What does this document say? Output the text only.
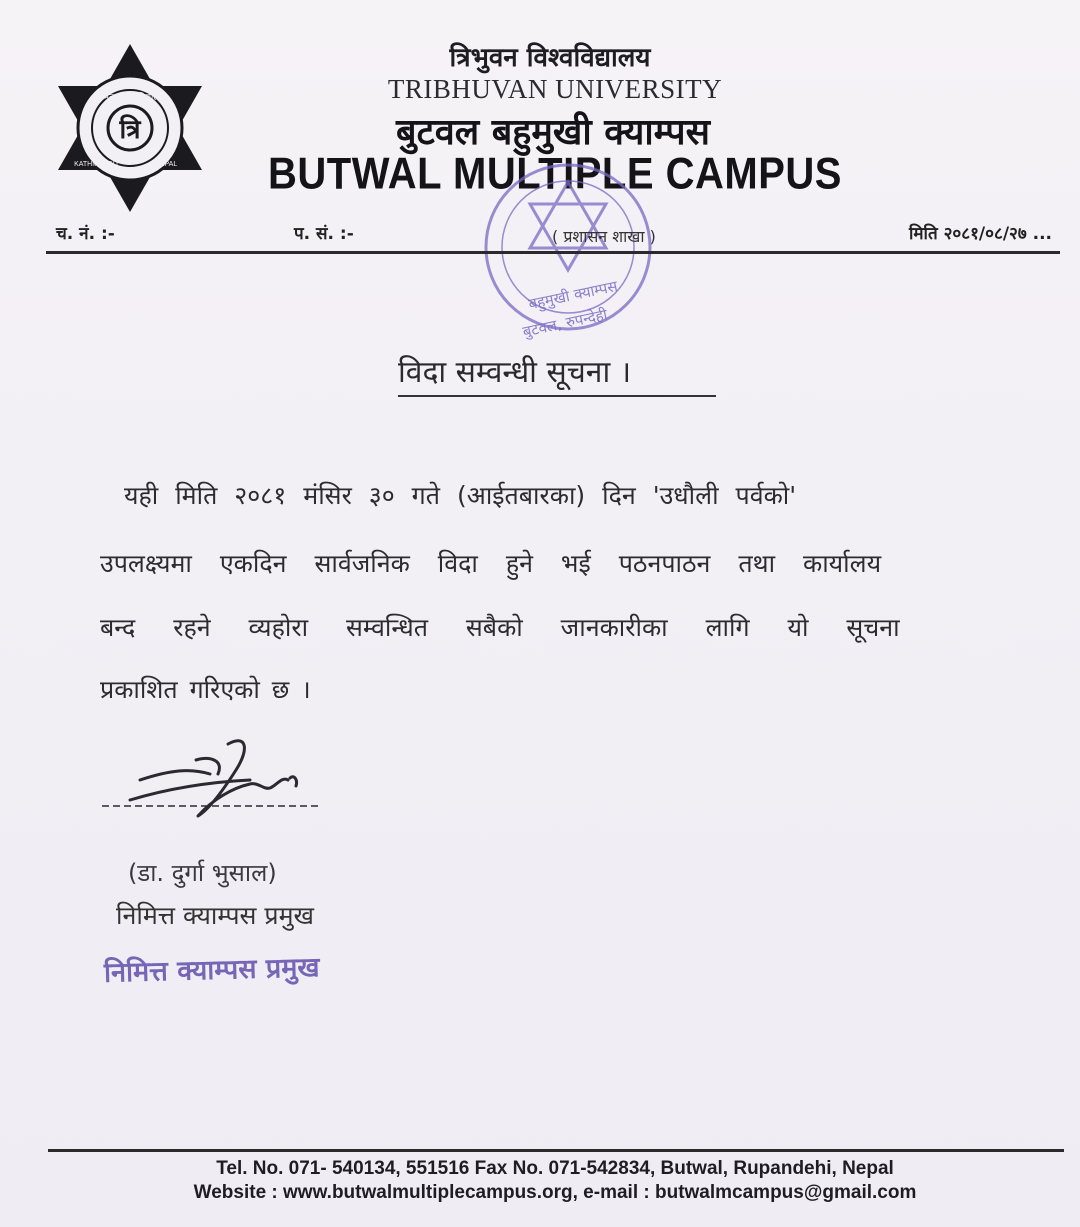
त्रि
त्रिभुवन विश्वविद्यालय
KATHMANDU	NEPAL
त्रिभुवन विश्वविद्यालय
TRIBHUVAN UNIVERSITY
बुटवल बहुमुखी क्याम्पस
BUTWAL MULTIPLE CAMPUS
बहुमुखी क्याम्पस
बुटवल, रुपन्देही
च. नं. :-	प. सं. :-	( प्रशासन शाखा )	मिति २०८१/०८/२७ ...
विदा सम्वन्धी सूचना ।
यही मिति २०८१ मंसिर ३० गते (आईतबारका) दिन 'उधौली पर्वको'
उपलक्ष्यमा एकदिन सार्वजनिक विदा हुने भई पठनपाठन तथा कार्यालय
बन्द रहने व्यहोरा सम्वन्धित सबैको जानकारीका लागि यो सूचना
प्रकाशित गरिएको छ ।
(डा. दुर्गा भुसाल)
निमित्त क्याम्पस प्रमुख
निमित्त क्याम्पस प्रमुख
Tel. No. 071- 540134, 551516 Fax No. 071-542834, Butwal, Rupandehi, Nepal
Website : www.butwalmultiplecampus.org, e-mail : butwalmcampus@gmail.com
